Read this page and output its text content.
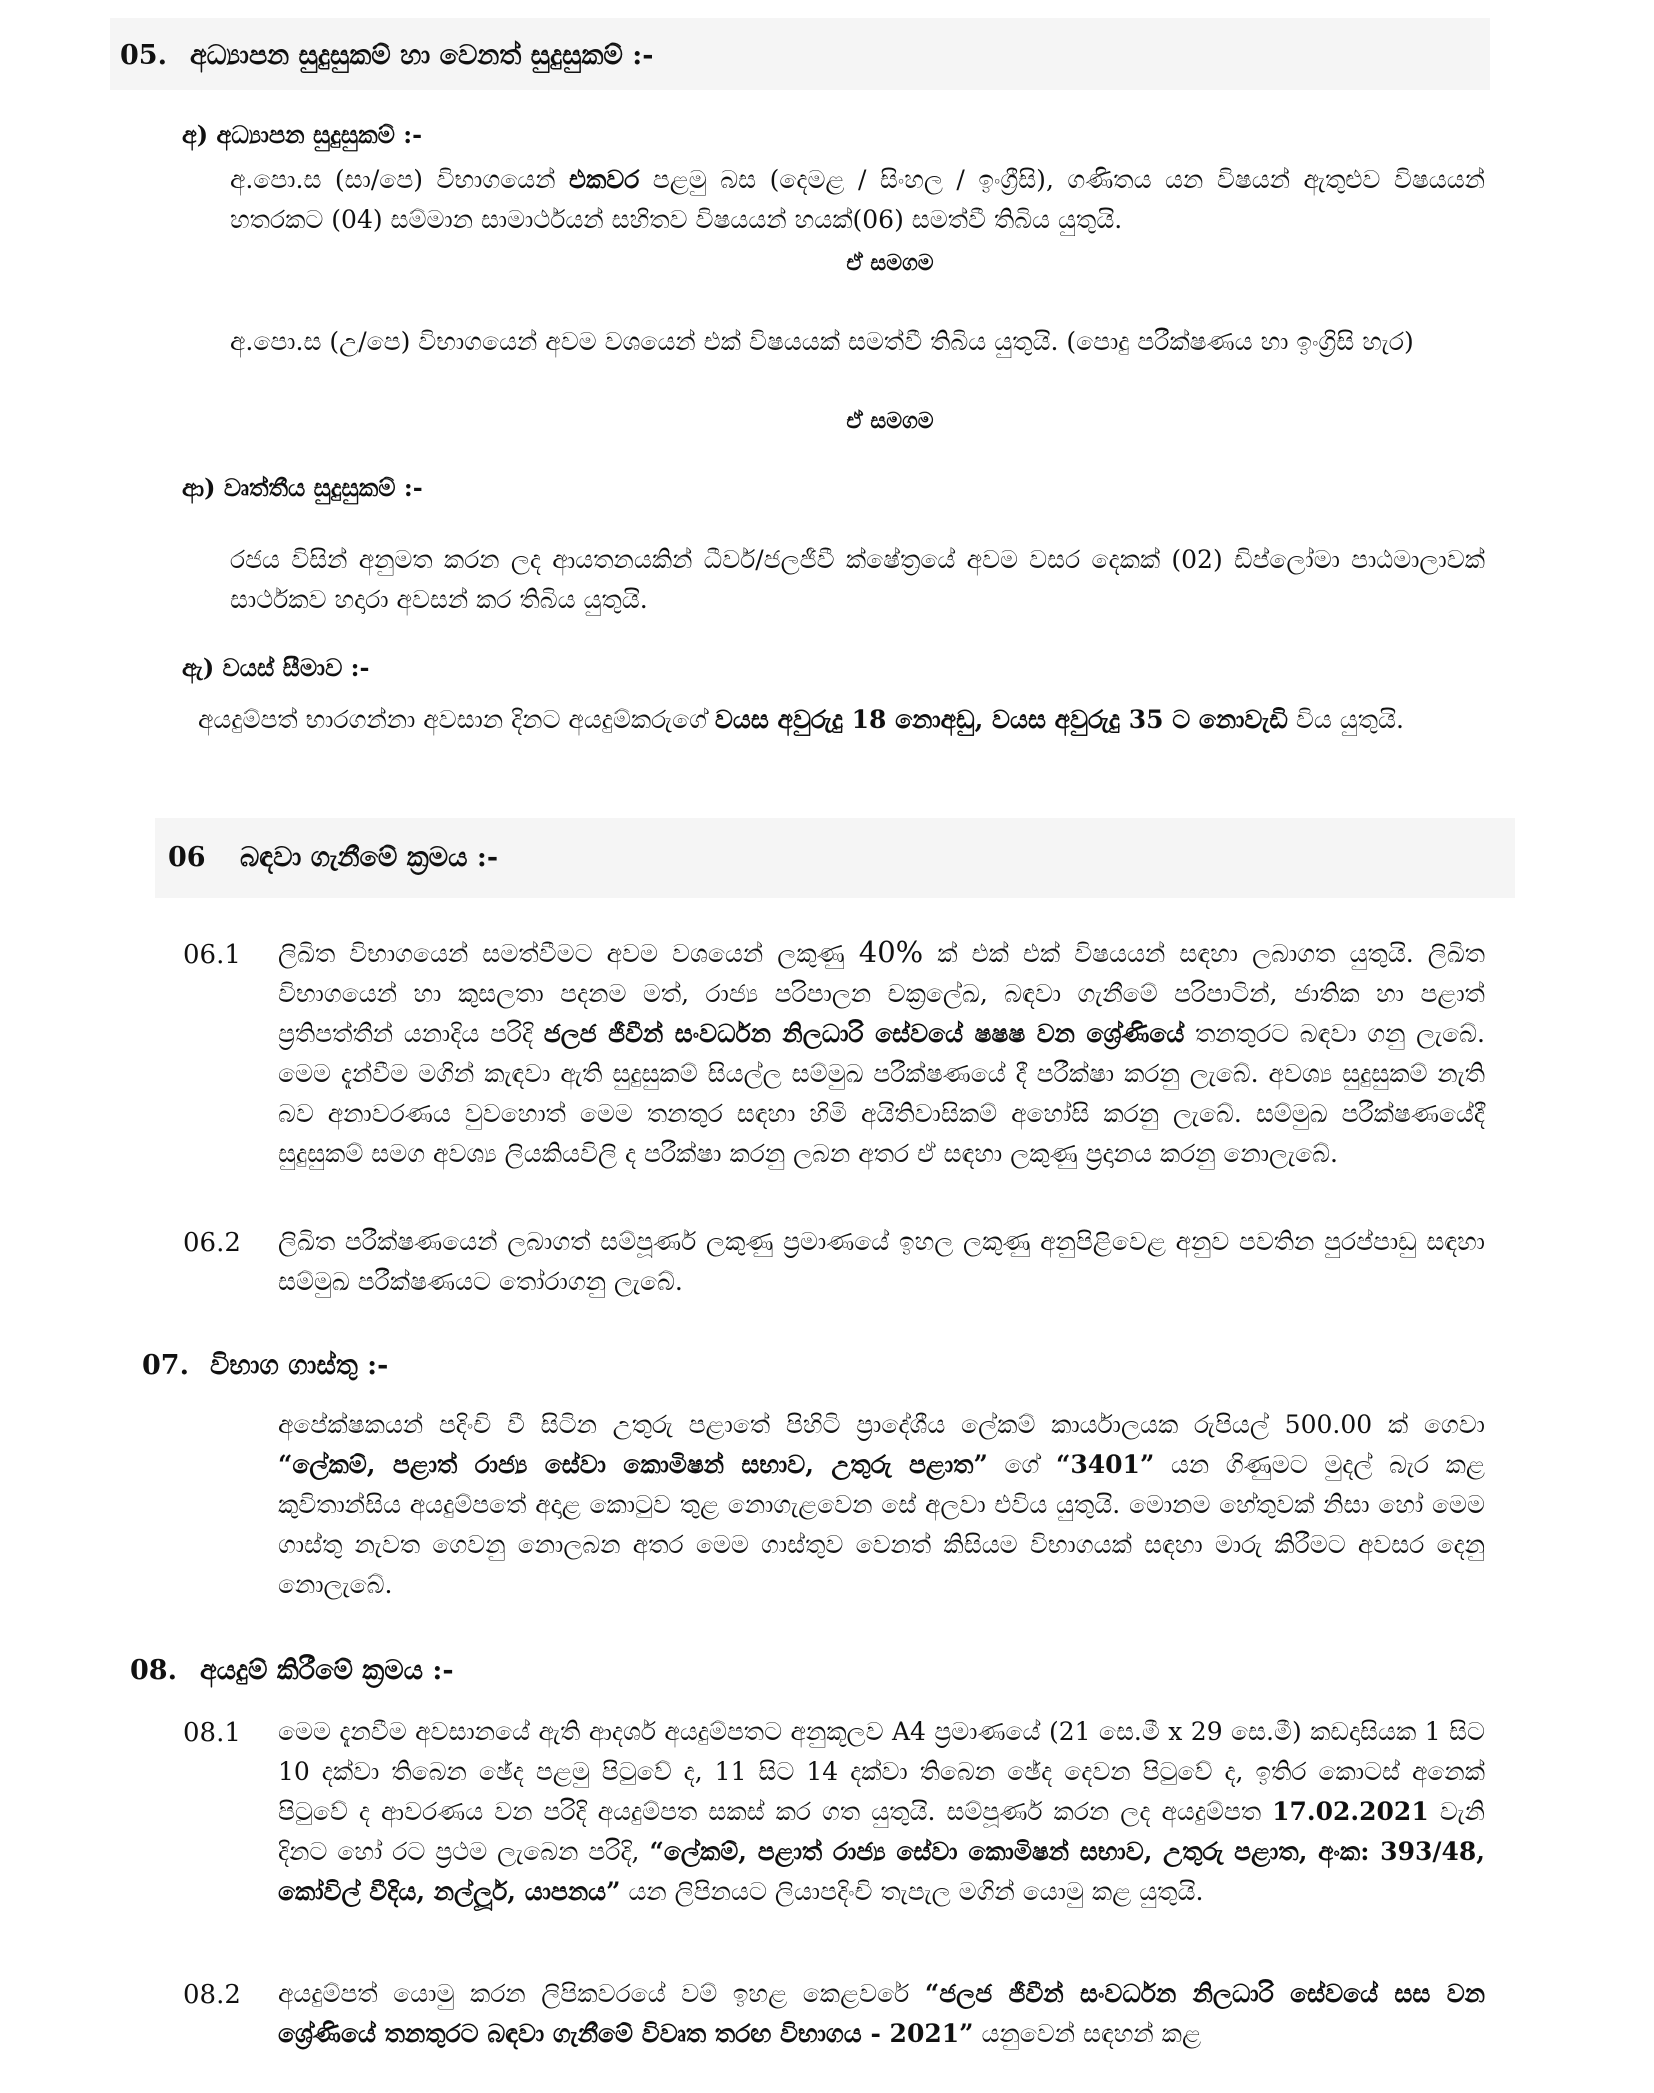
05. අධ්‍යාපන සුදුසුකම් හා වෙනත් සුදුසුකම් :-
අ) අධ්‍යාපන සුදුසුකම් :-
අ.පො.ස (සා/පෙ) විභාගයෙන් එකවර පළමු බස (දෙමළ / සිංහල / ඉංග්‍රීසි), ගණිතය යන විෂයන් ඇතුළුව විෂයයන් හතරකට (04) සම්මාන සාමාර්ථයන් සහිතව විෂයයන් හයක්(06) සමත්වී තිබිය යුතුයි.
ඒ සමගම
අ.පො.ස (උ/පෙ) විභාගයෙන් අවම වශයෙන් එක් විෂයයක් සමත්වී තිබිය යුතුයි. (පොදු පරීක්ෂණය හා ඉංග්‍රිසි හැර)
ඒ සමගම
ආ) වෘත්තීය සුදුසුකම් :-
රජය විසින් අනුමත කරන ලද ආයතනයකින් ධීවර්/ජලජීවී ක්ෂේත්‍රයේ අවම වසර දෙකක් (02) ඩිප්ලෝමා පාඨමාලාවක් සාර්ථකව හදාරා අවසන් කර තිබිය යුතුයි.
ඇ) වයස් සීමාව :-
අයදුම්පත් භාරගන්නා අවසාන දිනට අයදුම්කරුගේ වයස අවුරුදු 18 නොඅඩු, වයස අවුරුදු 35 ට නොවැඩි විය යුතුයි.
06 බඳවා ගැනීමේ ක්‍රමය :-
06.1 ලිඛිත විභාගයෙන් සමත්වීමට අවම වශයෙන් ලකුණු 40% ක් එක් එක් විෂයයන් සඳහා ලබාගත යුතුයි. ලිඛිත විභාගයෙන් හා කුසලතා පදනම මත්, රාජ්‍ය පරිපාලන චක්‍රලේඛ, බඳවා ගැනීමේ පරිපාටින්, ජාතික හා පළාත් ප්‍රතිපත්තීන් යනාදිය පරිදි ජලජ ජීවීන් සංවර්ධන නිලධාරි සේවයේ ෂෂෂ වන ශ්‍රේණියේ තනතුරට බඳවා ගනු ලැබේ. මෙම දැන්වීම මගින් කැඳවා ඇති සුදුසුකම් සියල්ල සම්මුඛ පරීක්ෂණයේ දී පරීක්ෂා කරනු ලැබේ. අවශ්‍ය සුදුසුකම් නැති බව අනාවරණය වුවහොත් මෙම තනතුර සඳහා හිමි අයිතිවාසිකම් අහෝසි කරනු ලැබේ. සම්මුඛ පරීක්ෂණයේදී සුදුසුකම් සමග අවශ්‍ය ලියකියවිලි ද පරීක්ෂා කරනු ලබන අතර ඒ සඳහා ලකුණු ප්‍රදානය කරනු නොලැබේ.
06.2 ලිඛිත පරීක්ෂණයෙන් ලබාගත් සම්පූර්ණ ලකුණු ප්‍රමාණයේ ඉහල ලකුණු අනුපිළිවෙළ අනුව පවතින පුරප්පාඩු සඳහා සම්මුඛ පරීක්ෂණයට තෝරාගනු ලැබේ.
07. විභාග ගාස්තු :-
අපේක්ෂකයන් පදිංචි වී සිටින උතුරු පළාතේ පිහිටි ප්‍රාදේශීය ලේකම් කාර්යාලයක රුපියල් 500.00 ක් ගෙවා “ලේකම්, පළාත් රාජ්‍ය සේවා කොමිෂන් සභාව, උතුරු පළාත” ගේ “3401” යන ගිණුමට මුදල් බැර කළ කුවිතාන්සිය අයදුම්පතේ අදාළ කොටුව තුළ නොගැළවෙන සේ අලවා එවිය යුතුයි. මොනම හේතුවක් නිසා හෝ මෙම ගාස්තු නැවත ගෙවනු නොලබන අතර මෙම ගාස්තුව වෙනත් කිසියම විභාගයක් සඳහා මාරු කිරීමට අවසර දෙනු නොලැබේ.
08. අයදුම් කිරීමේ ක්‍රමය :-
08.1 මෙම දැනවීම අවසානයේ ඇති ආදර්ශ අයදුම්පතට අනුකූලව A4 ප්‍රමාණයේ (21 සෙ.මී x 29 සෙ.මී) කඩදාසියක 1 සිට 10 දක්වා තිබෙන ඡේද පළමු පිටුවේ ද, 11 සිට 14 දක්වා තිබෙන ඡේද දෙවන පිටුවේ ද, ඉතිර කොටස් අනෙක් පිටුවේ ද ආවරණය වන පරිදි අයදුම්පත සකස් කර ගත යුතුයි. සම්පූර්ණ කරන ලද අයදුම්පත 17.02.2021 වැනි දිනට හෝ රට ප්‍රථම ලැබෙන පරිදි, “ලේකම්, පළාත් රාජ්‍ය සේවා කොමිෂන් සභාව, උතුරු පළාත, අංක: 393/48, කෝවිල් වීදිය, නල්ලූර්, යාපනය” යන ලිපිනයට ලියාපදිංචි තැපැල මගින් යොමු කළ යුතුයි.
08.2 අයදුම්පත් යොමු කරන ලිපිකවරයේ වම් ඉහළ කෙළවරේ “ජලජ ජීවීන් සංවර්ධන නිලධාරි සේවයේ සස වන ශ්‍රේණියේ තනතුරට බඳවා ගැනීමේ විවෘත තරඟ විභාගය - 2021” යනුවෙන් සඳහන් කළ
